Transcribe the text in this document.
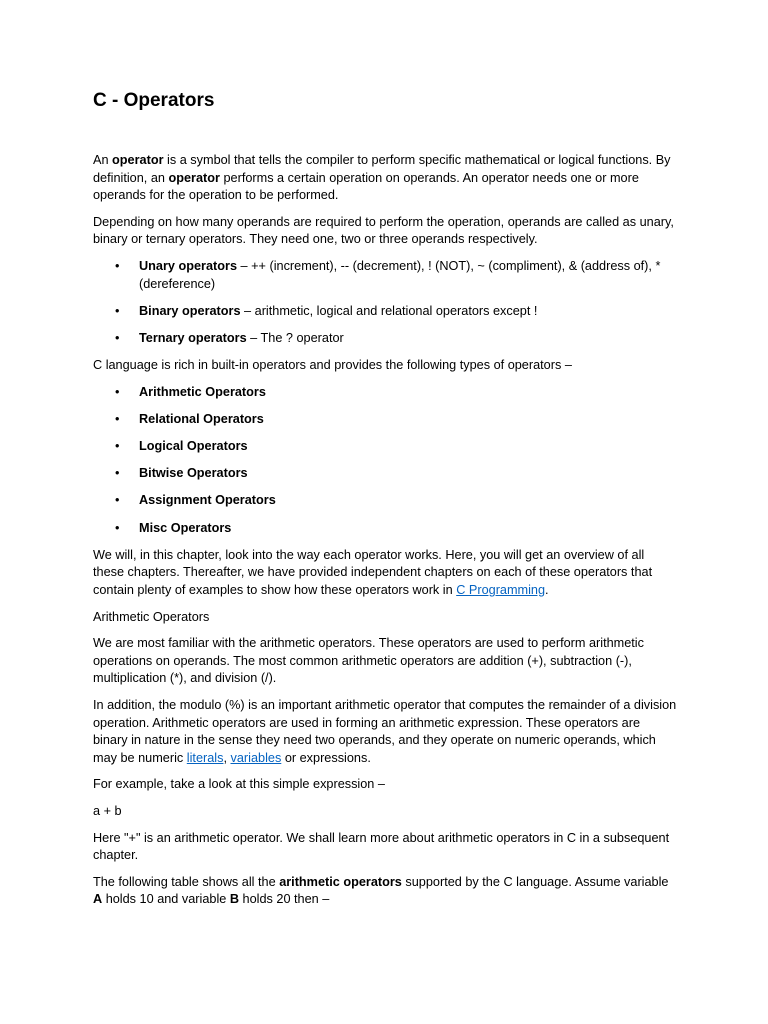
C - Operators

An operator is a symbol that tells the compiler to perform specific mathematical or logical functions. By definition, an operator performs a certain operation on operands. An operator needs one or more operands for the operation to be performed.

Depending on how many operands are required to perform the operation, operands are called as unary, binary or ternary operators. They need one, two or three operands respectively.

• Unary operators – ++ (increment), -- (decrement), ! (NOT), ~ (compliment), & (address of), * (dereference)
• Binary operators – arithmetic, logical and relational operators except !
• Ternary operators – The ? operator

C language is rich in built-in operators and provides the following types of operators –

• Arithmetic Operators
• Relational Operators
• Logical Operators
• Bitwise Operators
• Assignment Operators
• Misc Operators

We will, in this chapter, look into the way each operator works. Here, you will get an overview of all these chapters. Thereafter, we have provided independent chapters on each of these operators that contain plenty of examples to show how these operators work in C Programming.

Arithmetic Operators

We are most familiar with the arithmetic operators. These operators are used to perform arithmetic operations on operands. The most common arithmetic operators are addition (+), subtraction (-), multiplication (*), and division (/).

In addition, the modulo (%) is an important arithmetic operator that computes the remainder of a division operation. Arithmetic operators are used in forming an arithmetic expression. These operators are binary in nature in the sense they need two operands, and they operate on numeric operands, which may be numeric literals, variables or expressions.

For example, take a look at this simple expression –

a + b

Here "+" is an arithmetic operator. We shall learn more about arithmetic operators in C in a subsequent chapter.

The following table shows all the arithmetic operators supported by the C language. Assume variable A holds 10 and variable B holds 20 then –
